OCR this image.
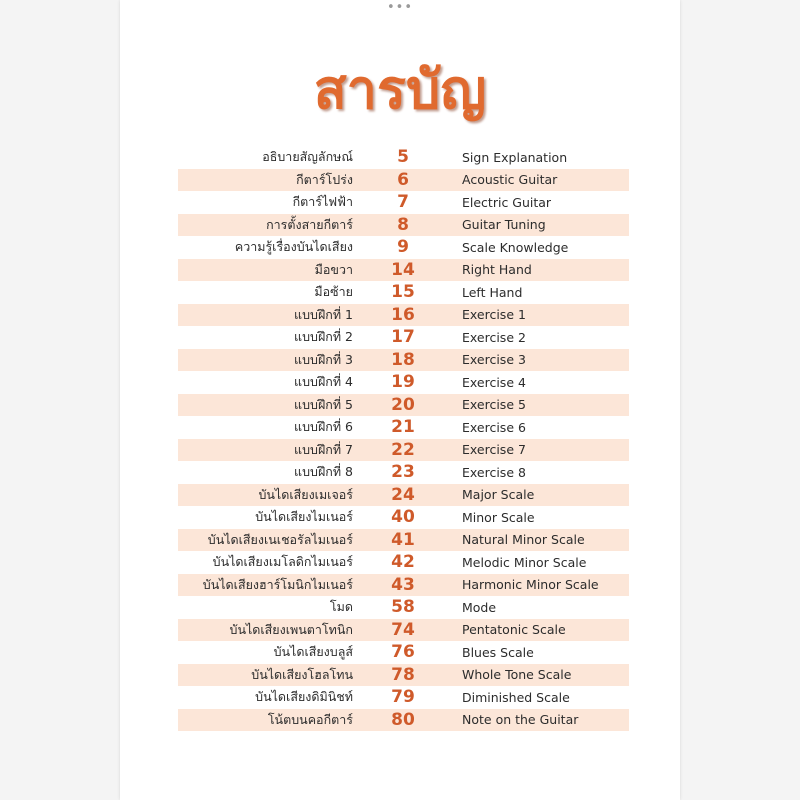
•••
สารบัญ
อธิบายสัญลักษณ์	5	Sign Explanation
กีตาร์โปร่ง	6	Acoustic Guitar
กีตาร์ไฟฟ้า	7	Electric Guitar
การตั้งสายกีตาร์	8	Guitar Tuning
ความรู้เรื่องบันไดเสียง	9	Scale Knowledge
มือขวา	14	Right Hand
มือซ้าย	15	Left Hand
แบบฝึกที่ 1	16	Exercise 1
แบบฝึกที่ 2	17	Exercise 2
แบบฝึกที่ 3	18	Exercise 3
แบบฝึกที่ 4	19	Exercise 4
แบบฝึกที่ 5	20	Exercise 5
แบบฝึกที่ 6	21	Exercise 6
แบบฝึกที่ 7	22	Exercise 7
แบบฝึกที่ 8	23	Exercise 8
บันไดเสียงเมเจอร์	24	Major Scale
บันไดเสียงไมเนอร์	40	Minor Scale
บันไดเสียงเนเชอรัลไมเนอร์	41	Natural Minor Scale
บันไดเสียงเมโลดิกไมเนอร์	42	Melodic Minor Scale
บันไดเสียงฮาร์โมนิกไมเนอร์	43	Harmonic Minor Scale
โมด	58	Mode
บันไดเสียงเพนตาโทนิก	74	Pentatonic Scale
บันไดเสียงบลูส์	76	Blues Scale
บันไดเสียงโฮลโทน	78	Whole Tone Scale
บันไดเสียงดิมินิชท์	79	Diminished Scale
โน้ตบนคอกีตาร์	80	Note on the Guitar
